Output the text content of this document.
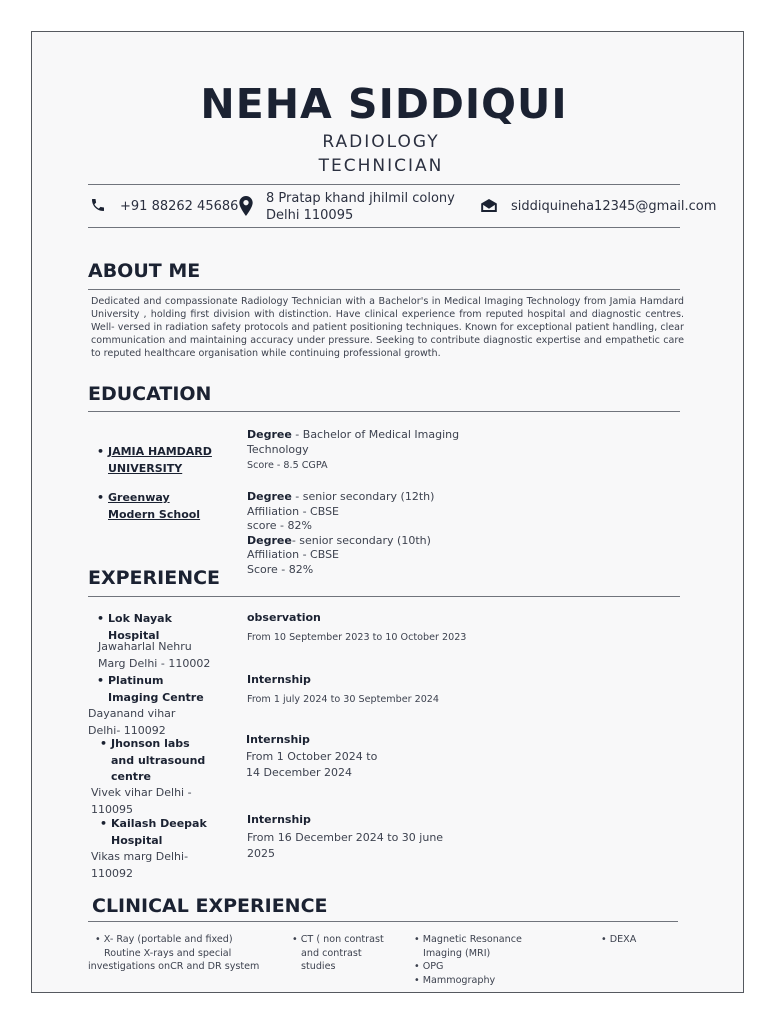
NEHA SIDDIQUI
RADIOLOGY
TECHNICIAN
+91 88262 45686
8 Pratap khand jhilmil colony
Delhi 110095
siddiquineha12345@gmail.com
ABOUT ME
Dedicated and compassionate Radiology Technician with a Bachelor's in Medical Imaging Technology from Jamia Hamdard University , holding first division with distinction. Have clinical experience from reputed hospital and diagnostic centres. Well- versed in radiation safety protocols and patient positioning techniques. Known for exceptional patient handling, clear communication and maintaining accuracy under pressure. Seeking to contribute diagnostic expertise and empathetic care to reputed healthcare organisation while continuing professional growth.
EDUCATION
• JAMIA HAMDARD
UNIVERSITY
Degree - Bachelor of Medical Imaging
Technology
Score - 8.5 CGPA
• Greenway
Modern School
Degree - senior secondary (12th)
Affiliation - CBSE
score - 82%
Degree- senior secondary (10th)
Affiliation - CBSE
Score - 82%
EXPERIENCE
• Lok Nayak
Hospital
Jawaharlal Nehru
Marg Delhi - 110002
observation
From 10 September 2023 to 10 October 2023
• Platinum
Imaging Centre
Dayanand vihar
Delhi- 110092
Internship
From 1 july 2024 to 30 September 2024
• Jhonson labs
and ultrasound
centre
Vivek vihar Delhi -
110095
Internship
From 1 October 2024 to
14 December 2024
• Kailash Deepak
Hospital
Vikas marg Delhi-
110092
Internship
From 16 December 2024 to 30 june
2025
CLINICAL EXPERIENCE
• X- Ray (portable and fixed)
Routine X-rays and special
investigations onCR and DR system
• CT ( non contrast
and contrast
studies
• Magnetic Resonance
Imaging (MRI)
• OPG
• Mammography
• DEXA
